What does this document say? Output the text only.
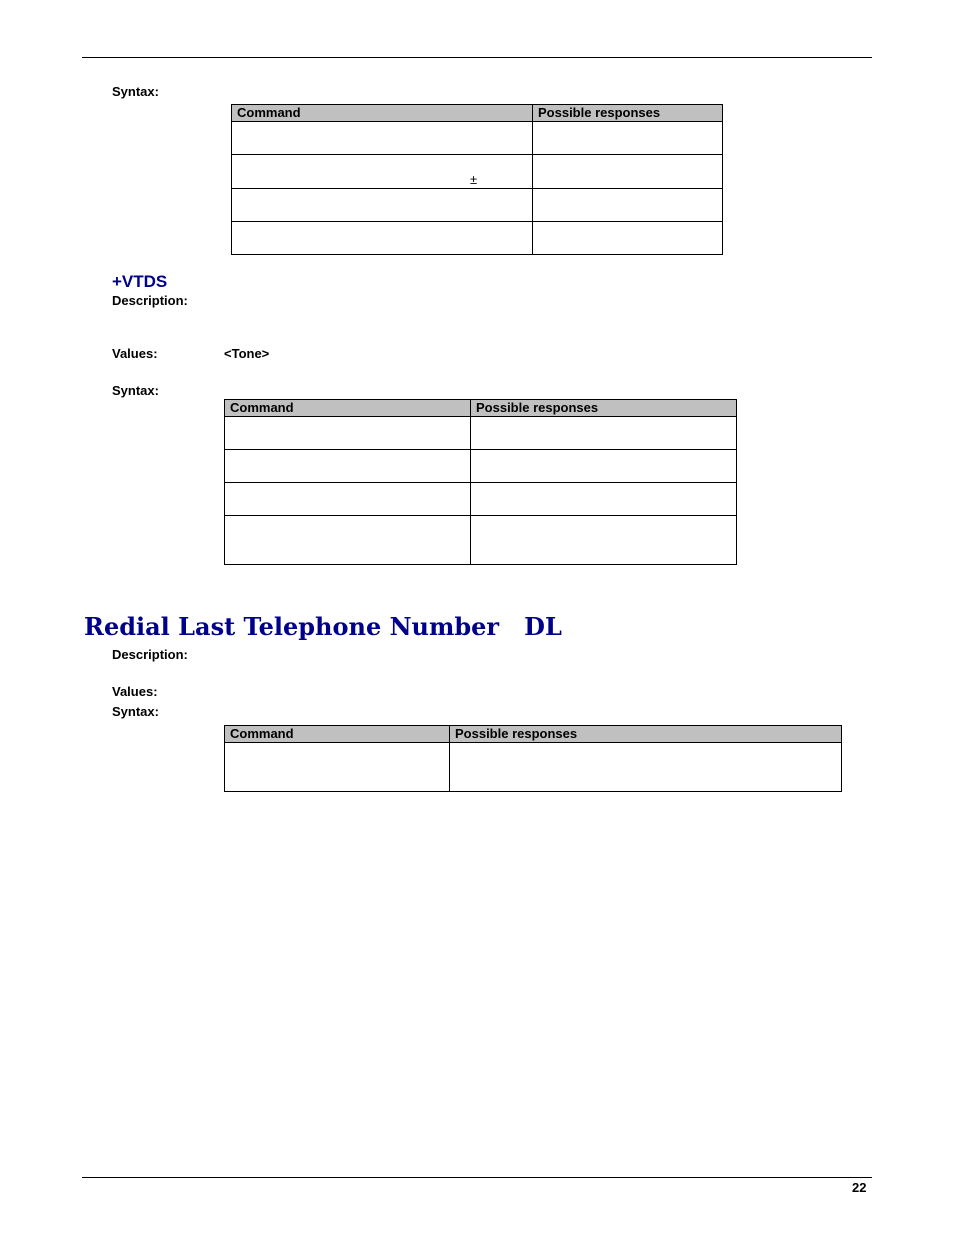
Syntax:
Command	Possible responses

±
+VTDS
Description:
Values:	<Tone>
Syntax:
Command	Possible responses

Redial Last Telephone Number   DL
Description:
Values:
Syntax:
Command	Possible responses

22
